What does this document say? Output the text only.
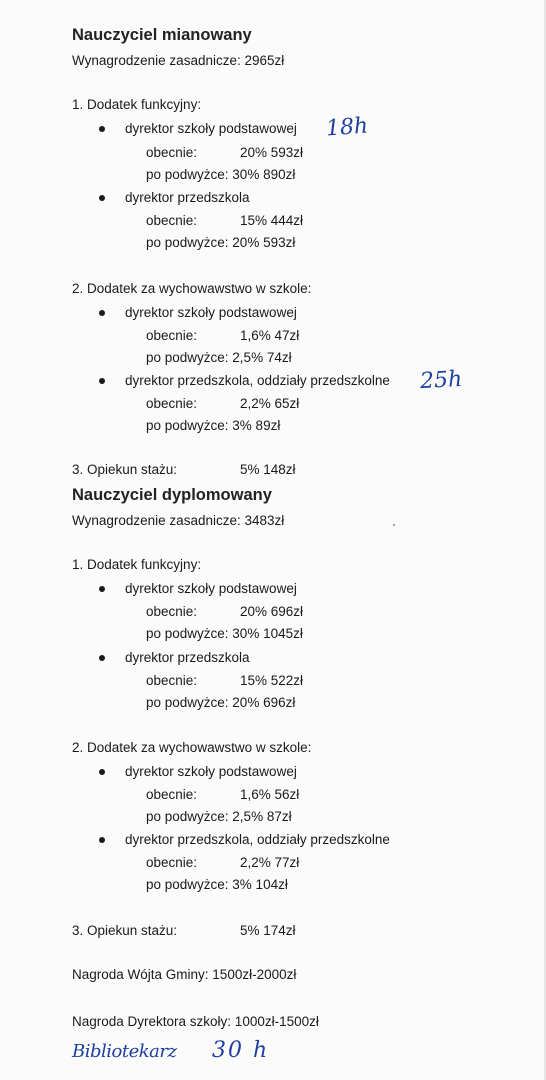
Nauczyciel mianowany
Wynagrodzenie zasadnicze: 2965zł
1. Dodatek funkcyjny:
dyrektor szkoły podstawowej
obecnie:	20% 593zł
po podwyżce: 30% 890zł
dyrektor przedszkola
obecnie:	15% 444zł
po podwyżce: 20% 593zł
2. Dodatek za wychowawstwo w szkole:
dyrektor szkoły podstawowej
obecnie:	1,6% 47zł
po podwyżce: 2,5% 74zł
dyrektor przedszkola, oddziały przedszkolne
obecnie:	2,2% 65zł
po podwyżce: 3% 89zł
3. Opiekun stażu:	5% 148zł
Nauczyciel dyplomowany
Wynagrodzenie zasadnicze: 3483zł
1. Dodatek funkcyjny:
dyrektor szkoły podstawowej
obecnie:	20% 696zł
po podwyżce: 30% 1045zł
dyrektor przedszkola
obecnie:	15% 522zł
po podwyżce: 20% 696zł
2. Dodatek za wychowawstwo w szkole:
dyrektor szkoły podstawowej
obecnie:	1,6% 56zł
po podwyżce: 2,5% 87zł
dyrektor przedszkola, oddziały przedszkolne
obecnie:	2,2% 77zł
po podwyżce: 3% 104zł
3. Opiekun stażu:	5% 174zł
Nagroda Wójta Gminy: 1500zł-2000zł
Nagroda Dyrektora szkoły: 1000zł-1500zł
18h
25h
Bibliotekarz 30 h
